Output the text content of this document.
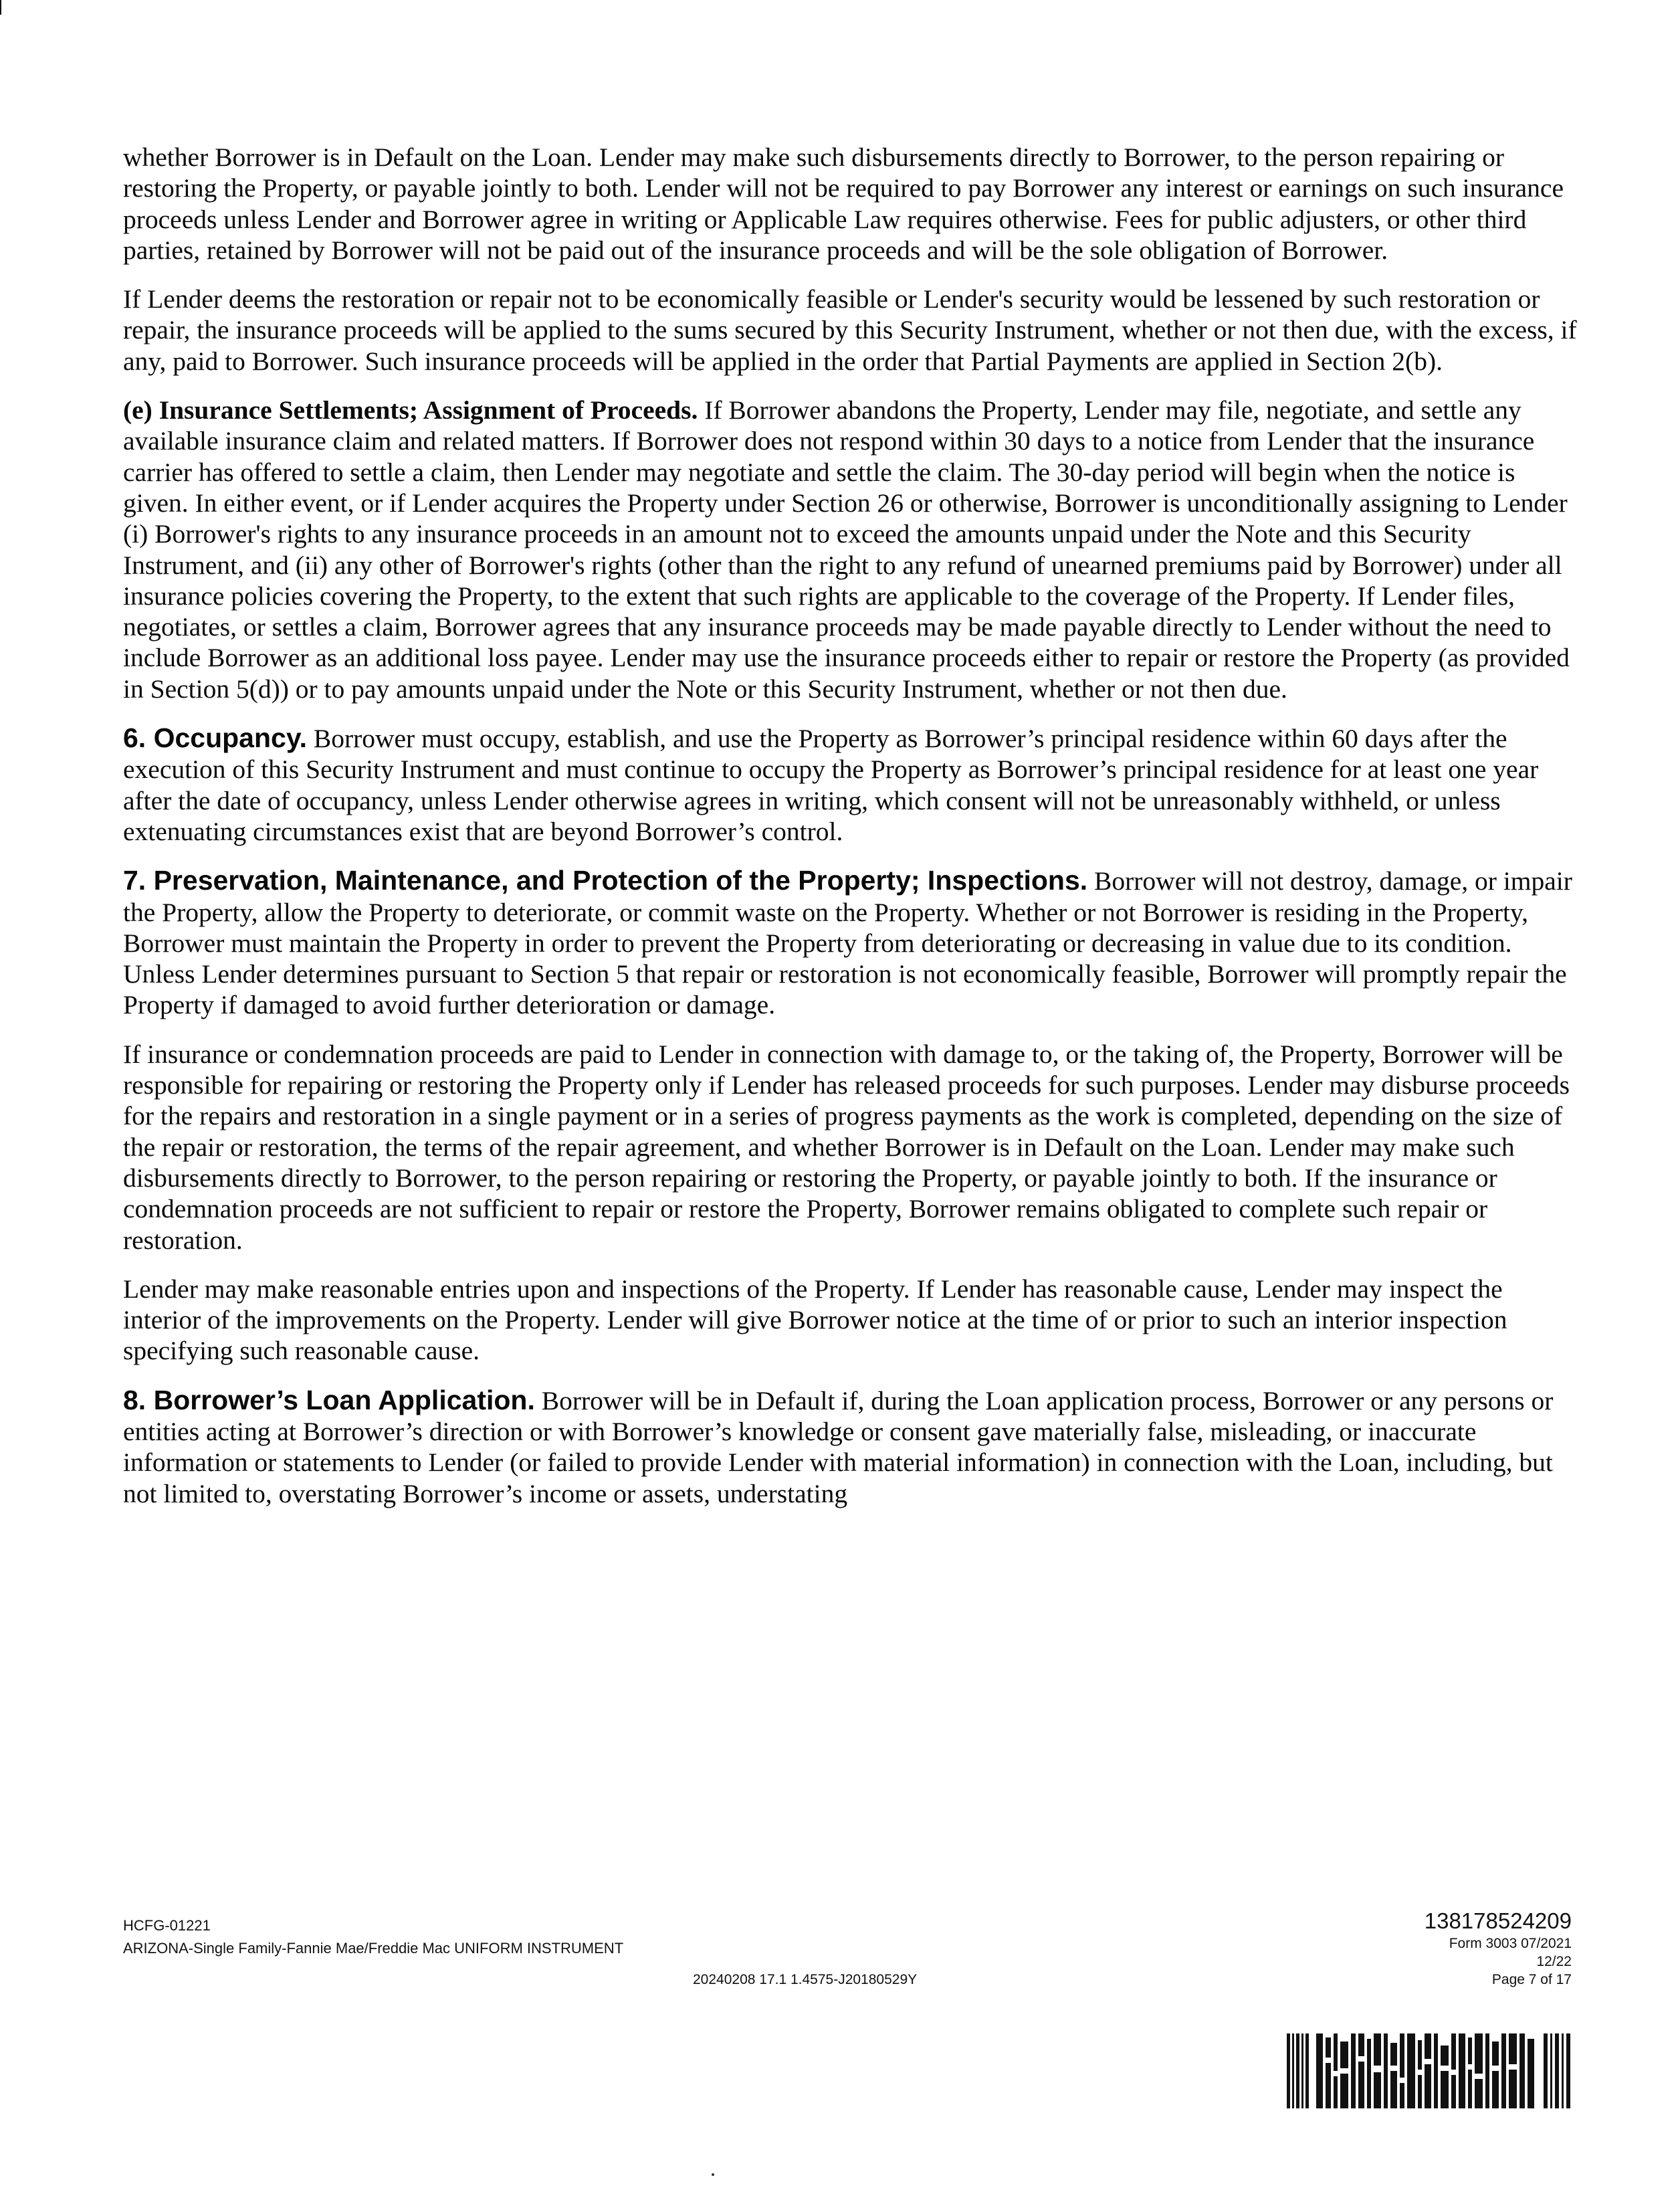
whether Borrower is in Default on the Loan. Lender may make such disbursements directly to Borrower, to the person repairing or restoring the Property, or payable jointly to both. Lender will not be required to pay Borrower any interest or earnings on such insurance proceeds unless Lender and Borrower agree in writing or Applicable Law requires otherwise. Fees for public adjusters, or other third parties, retained by Borrower will not be paid out of the insurance proceeds and will be the sole obligation of Borrower.

If Lender deems the restoration or repair not to be economically feasible or Lender's security would be lessened by such restoration or repair, the insurance proceeds will be applied to the sums secured by this Security Instrument, whether or not then due, with the excess, if any, paid to Borrower. Such insurance proceeds will be applied in the order that Partial Payments are applied in Section 2(b).

(e) Insurance Settlements; Assignment of Proceeds. If Borrower abandons the Property, Lender may file, negotiate, and settle any available insurance claim and related matters. If Borrower does not respond within 30 days to a notice from Lender that the insurance carrier has offered to settle a claim, then Lender may negotiate and settle the claim. The 30-day period will begin when the notice is given. In either event, or if Lender acquires the Property under Section 26 or otherwise, Borrower is unconditionally assigning to Lender (i) Borrower's rights to any insurance proceeds in an amount not to exceed the amounts unpaid under the Note and this Security Instrument, and (ii) any other of Borrower's rights (other than the right to any refund of unearned premiums paid by Borrower) under all insurance policies covering the Property, to the extent that such rights are applicable to the coverage of the Property. If Lender files, negotiates, or settles a claim, Borrower agrees that any insurance proceeds may be made payable directly to Lender without the need to include Borrower as an additional loss payee. Lender may use the insurance proceeds either to repair or restore the Property (as provided in Section 5(d)) or to pay amounts unpaid under the Note or this Security Instrument, whether or not then due.

6. Occupancy. Borrower must occupy, establish, and use the Property as Borrower’s principal residence within 60 days after the execution of this Security Instrument and must continue to occupy the Property as Borrower’s principal residence for at least one year after the date of occupancy, unless Lender otherwise agrees in writing, which consent will not be unreasonably withheld, or unless extenuating circumstances exist that are beyond Borrower’s control.

7. Preservation, Maintenance, and Protection of the Property; Inspections. Borrower will not destroy, damage, or impair the Property, allow the Property to deteriorate, or commit waste on the Property. Whether or not Borrower is residing in the Property, Borrower must maintain the Property in order to prevent the Property from deteriorating or decreasing in value due to its condition. Unless Lender determines pursuant to Section 5 that repair or restoration is not economically feasible, Borrower will promptly repair the Property if damaged to avoid further deterioration or damage.

If insurance or condemnation proceeds are paid to Lender in connection with damage to, or the taking of, the Property, Borrower will be responsible for repairing or restoring the Property only if Lender has released proceeds for such purposes. Lender may disburse proceeds for the repairs and restoration in a single payment or in a series of progress payments as the work is completed, depending on the size of the repair or restoration, the terms of the repair agreement, and whether Borrower is in Default on the Loan. Lender may make such disbursements directly to Borrower, to the person repairing or restoring the Property, or payable jointly to both. If the insurance or condemnation proceeds are not sufficient to repair or restore the Property, Borrower remains obligated to complete such repair or restoration.

Lender may make reasonable entries upon and inspections of the Property. If Lender has reasonable cause, Lender may inspect the interior of the improvements on the Property. Lender will give Borrower notice at the time of or prior to such an interior inspection specifying such reasonable cause.

8. Borrower’s Loan Application. Borrower will be in Default if, during the Loan application process, Borrower or any persons or entities acting at Borrower’s direction or with Borrower’s knowledge or consent gave materially false, misleading, or inaccurate information or statements to Lender (or failed to provide Lender with material information) in connection with the Loan, including, but not limited to, overstating Borrower’s income or assets, understating

HCFG-01221
ARIZONA-Single Family-Fannie Mae/Freddie Mac UNIFORM INSTRUMENT
20240208 17.1 1.4575-J20180529Y
138178524209
Form 3003 07/2021
12/22
Page 7 of 17
